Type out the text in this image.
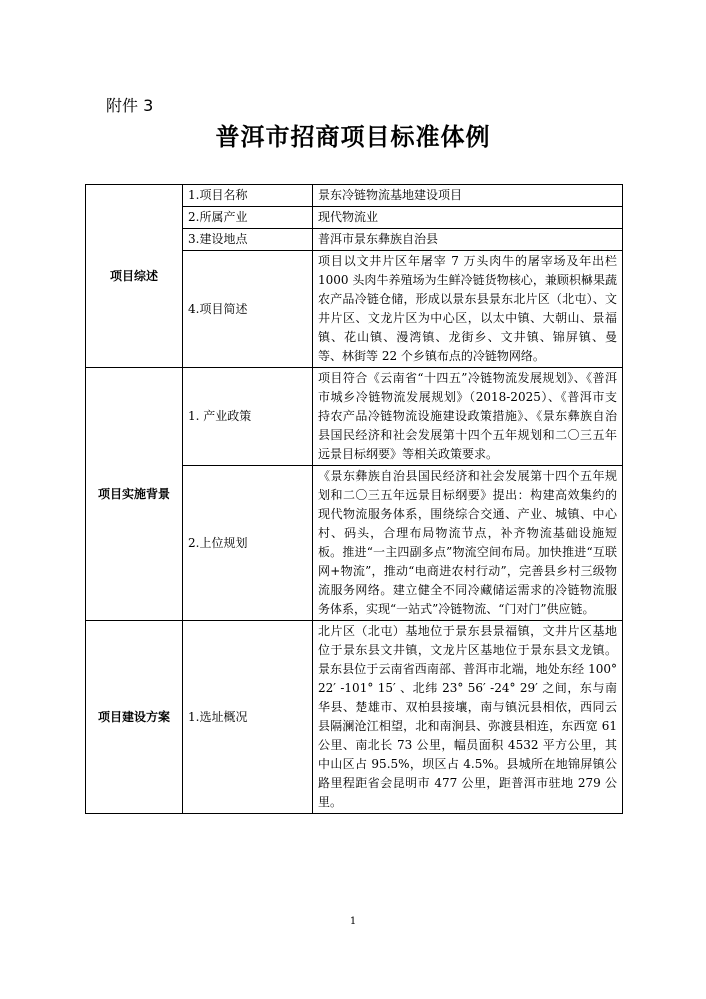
附件 3
普洱市招商项目标准体例
项目综述	1.项目名称	景东冷链物流基地建设项目
	2.所属产业	现代物流业
	3.建设地点	普洱市景东彝族自治县
	4.项目简述	项目以文井片区年屠宰 7 万头肉牛的屠宰场及年出栏 1000 头肉牛养殖场为生鲜冷链货物核心，兼顾枳㮟果蔬农产品冷链仓储，形成以景东县景东北片区（北屯）、文井片区、文龙片区为中心区，以太中镇、大朝山、景福镇、花山镇、漫湾镇、龙街乡、文井镇、锦屏镇、曼等、林街等 22 个乡镇布点的冷链物网络。
项目实施背景	1. 产业政策	项目符合《云南省“十四五”冷链物流发展规划》、《普洱市城乡冷链物流发展规划》（2018-2025）、《普洱市支持农产品冷链物流设施建设政策措施》、《景东彝族自治县国民经济和社会发展第十四个五年规划和二〇三五年远景目标纲要》等相关政策要求。
	2.上位规划	《景东彝族自治县国民经济和社会发展第十四个五年规划和二〇三五年远景目标纲要》提出：构建高效集约的现代物流服务体系，围绕综合交通、产业、城镇、中心村、码头，合理布局物流节点，补齐物流基础设施短板。推进“一主四副多点”物流空间布局。加快推进“互联网+物流”，推动“电商进农村行动”，完善县乡村三级物流服务网络。建立健全不同冷藏储运需求的冷链物流服务体系，实现“一站式”冷链物流、“门对门”供应链。
项目建设方案	1.选址概况	北片区（北屯）基地位于景东县景福镇，文井片区基地位于景东县文井镇，文龙片区基地位于景东县文龙镇。景东县位于云南省西南部、普洱市北端，地处东经 100° 22′ -101° 15′ 、北纬 23° 56′ -24° 29′ 之间，东与南华县、楚雄市、双柏县接壤，南与镇沅县相依，西同云县隔澜沧江相望，北和南涧县、弥渡县相连，东西宽 61 公里、南北长 73 公里，幅员面积 4532 平方公里，其中山区占 95.5%，坝区占 4.5%。县城所在地锦屏镇公路里程距省会昆明市 477 公里，距普洱市驻地 279 公里。
1
